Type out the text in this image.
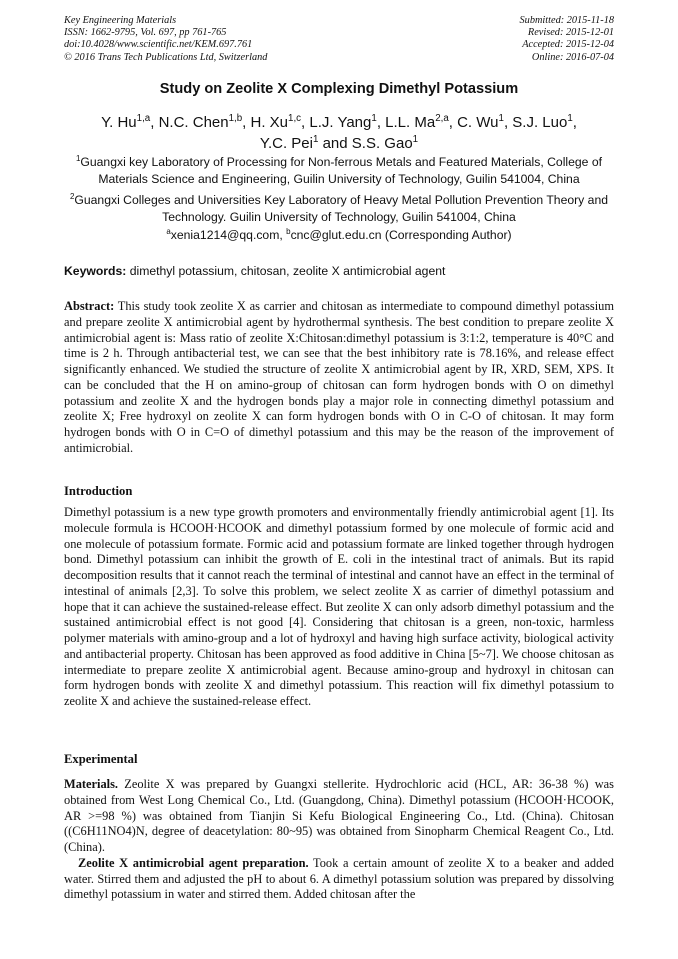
Key Engineering Materials
ISSN: 1662-9795, Vol. 697, pp 761-765
doi:10.4028/www.scientific.net/KEM.697.761
© 2016 Trans Tech Publications Ltd, Switzerland
Submitted: 2015-11-18
Revised: 2015-12-01
Accepted: 2015-12-04
Online: 2016-07-04
Study on Zeolite X Complexing Dimethyl Potassium
Y. Hu$^{1,a}$, N.C. Chen$^{1,b}$, H. Xu$^{1,c}$, L.J. Yang$^1$, L.L. Ma$^{2,a}$, C. Wu$^1$, S.J. Luo$^1$,
Y.C. Pei$^1$ and S.S. Gao$^1$
$^1$Guangxi key Laboratory of Processing for Non-ferrous Metals and Featured Materials, College of Materials Science and Engineering, Guilin University of Technology, Guilin 541004, China
$^2$Guangxi Colleges and Universities Key Laboratory of Heavy Metal Pollution Prevention Theory and Technology. Guilin University of Technology, Guilin 541004, China
$^a$xenia1214@qq.com, $^b$cnc@glut.edu.cn (Corresponding Author)
Keywords: dimethyl potassium, chitosan, zeolite X antimicrobial agent

Abstract: This study took zeolite X as carrier and chitosan as intermediate to compound dimethyl potassium and prepare zeolite X antimicrobial agent by hydrothermal synthesis. The best condition to prepare zeolite X antimicrobial agent is: Mass ratio of zeolite X:Chitosan:dimethyl potassium is 3:1:2, temperature is 40°C and time is 2 h. Through antibacterial test, we can see that the best inhibitory rate is 78.16%, and release effect significantly enhanced. We studied the structure of zeolite X antimicrobial agent by IR, XRD, SEM, XPS. It can be concluded that the H on amino-group of chitosan can form hydrogen bonds with O on dimethyl potassium and zeolite X and the hydrogen bonds play a major role in connecting dimethyl potassium and zeolite X; Free hydroxyl on zeolite X can form hydrogen bonds with O in C-O of chitosan. It may form hydrogen bonds with O in C=O of dimethyl potassium and this may be the reason of the improvement of antimicrobial.

Introduction

Dimethyl potassium is a new type growth promoters and environmentally friendly antimicrobial agent [1]. Its molecule formula is HCOOH·HCOOK and dimethyl potassium formed by one molecule of formic acid and one molecule of potassium formate. Formic acid and potassium formate are linked together through hydrogen bond. Dimethyl potassium can inhibit the growth of E. coli in the intestinal tract of animals. But its rapid decomposition results that it cannot reach the terminal of intestinal and cannot have an effect in the terminal of intestinal of animals [2,3]. To solve this problem, we select zeolite X as carrier of dimethyl potassium and hope that it can achieve the sustained-release effect. But zeolite X can only adsorb dimethyl potassium and the sustained antimicrobial effect is not good [4]. Considering that chitosan is a green, non-toxic, harmless polymer materials with amino-group and a lot of hydroxyl and having high surface activity, biological activity and antibacterial property. Chitosan has been approved as food additive in China [5~7]. We choose chitosan as intermediate to prepare zeolite X antimicrobial agent. Because amino-group and hydroxyl in chitosan can form hydrogen bonds with zeolite X and dimethyl potassium. This reaction will fix dimethyl potassium to zeolite X and achieve the sustained-release effect.

Experimental

Materials. Zeolite X was prepared by Guangxi stellerite. Hydrochloric acid (HCL, AR: 36-38 %) was obtained from West Long Chemical Co., Ltd. (Guangdong, China). Dimethyl potassium (HCOOH·HCOOK, AR >=98 %) was obtained from Tianjin Si Kefu Biological Engineering Co., Ltd. (China). Chitosan ((C6H11NO4)N, degree of deacetylation: 80~95) was obtained from Sinopharm Chemical Reagent Co., Ltd.(China).

Zeolite X antimicrobial agent preparation. Took a certain amount of zeolite X to a beaker and added water. Stirred them and adjusted the pH to about 6. A dimethyl potassium solution was prepared by dissolving dimethyl potassium in water and stirred them. Added chitosan after the
